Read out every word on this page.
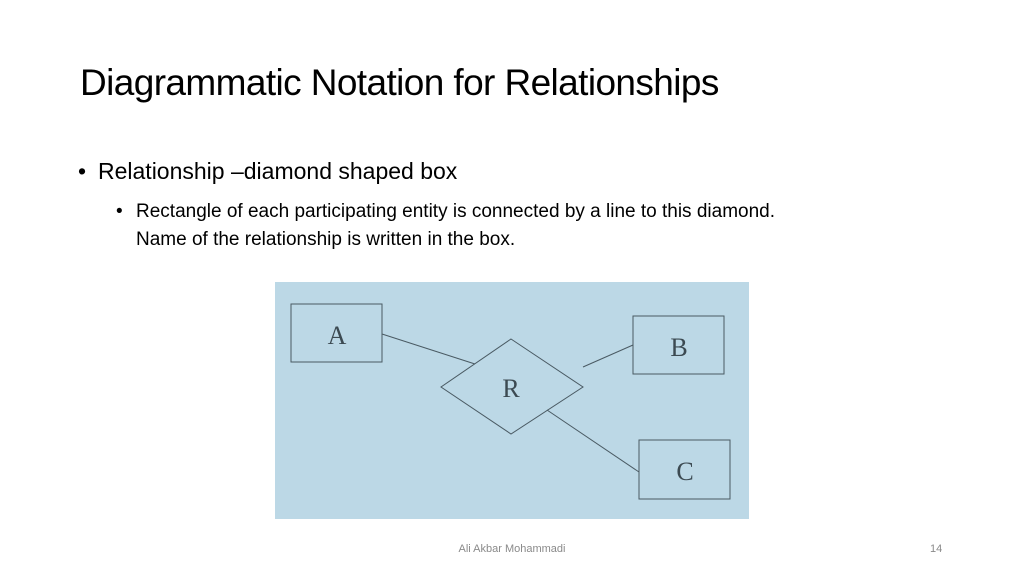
Diagrammatic Notation for Relationships
• Relationship –diamond shaped box
• Rectangle of each participating entity is connected by a line to this diamond.
Name of the relationship is written in the box.
A	B
C
R
Ali Akbar Mohammadi	14
